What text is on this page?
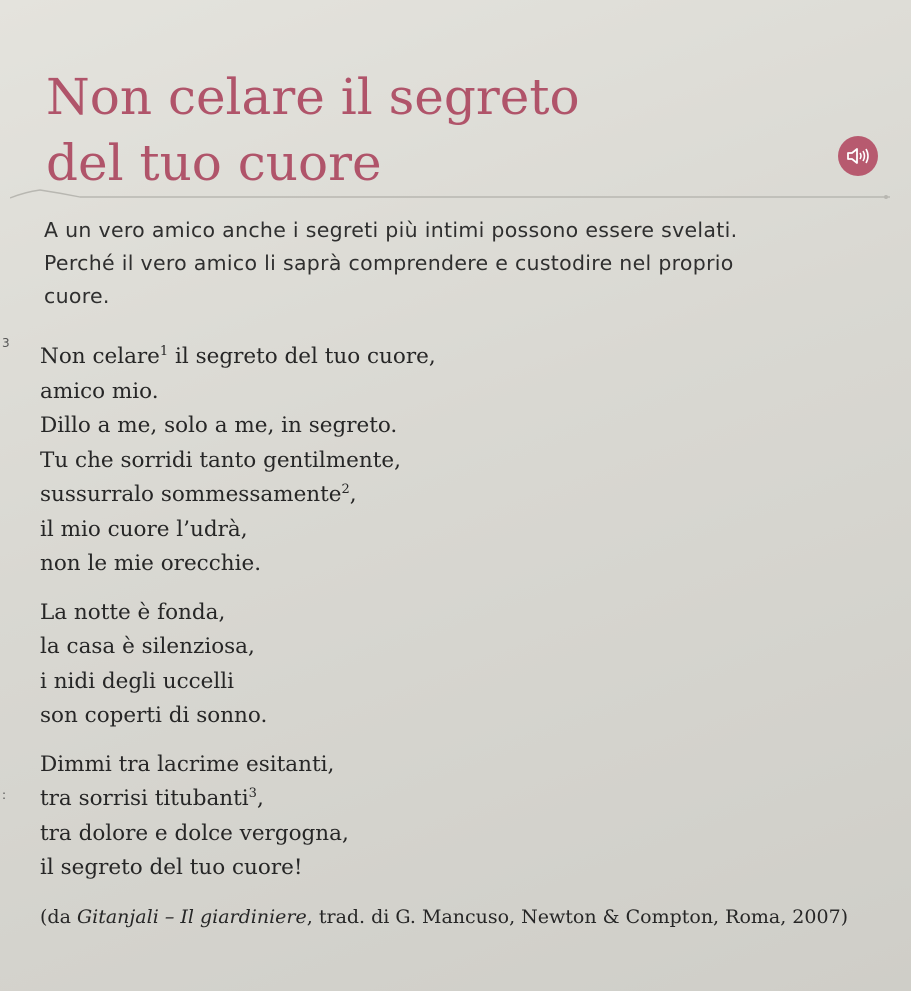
Non celare il segreto
del tuo cuore
A un vero amico anche i segreti più intimi possono essere svelati.
Perché il vero amico li saprà comprendere e custodire nel proprio
cuore.
3
:
Non celare$^1$ il segreto del tuo cuore,
amico mio.
Dillo a me, solo a me, in segreto.
Tu che sorridi tanto gentilmente,
sussurralo sommessamente$^2$,
il mio cuore l’udrà,
non le mie orecchie.
La notte è fonda,
la casa è silenziosa,
i nidi degli uccelli
son coperti di sonno.
Dimmi tra lacrime esitanti,
tra sorrisi titubanti$^3$,
tra dolore e dolce vergogna,
il segreto del tuo cuore!
(da Gitanjali – Il giardiniere, trad. di G. Mancuso, Newton & Compton, Roma, 2007)
